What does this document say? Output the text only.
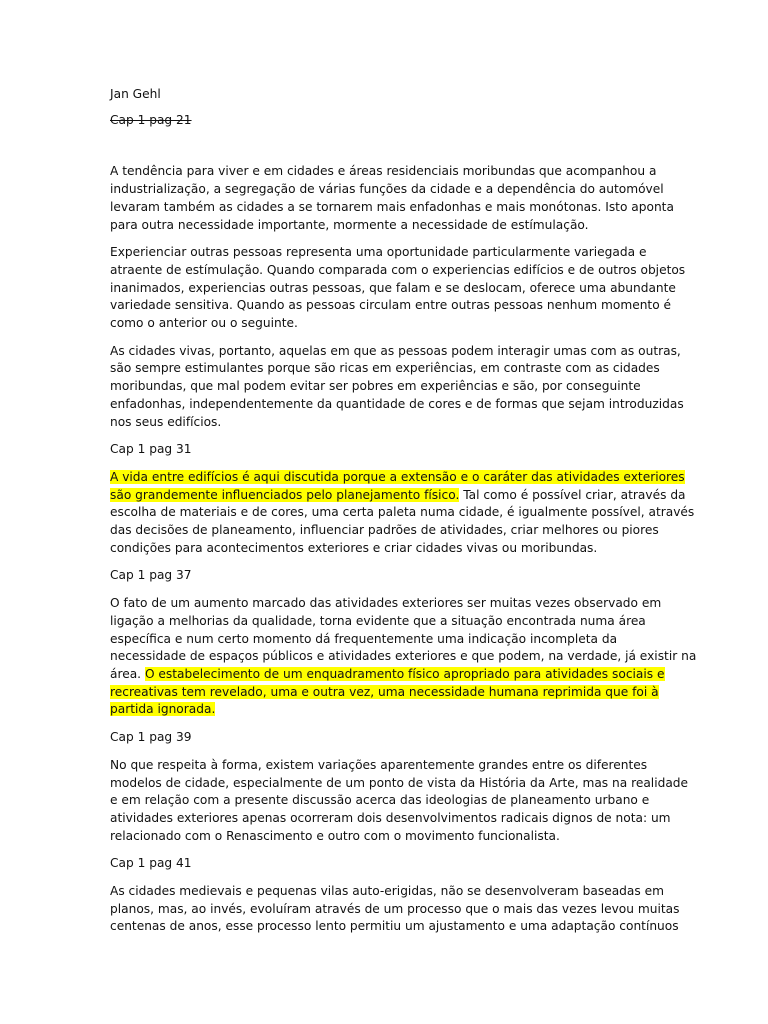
Jan Gehl
Cap 1 pag 21
A tendência para viver e em cidades e áreas residenciais moribundas que acompanhou a
industrialização, a segregação de várias funções da cidade e a dependência do automóvel
levaram também as cidades a se tornarem mais enfadonhas e mais monótonas. Isto aponta
para outra necessidade importante, mormente a necessidade de estímulação.
Experienciar outras pessoas representa uma oportunidade particularmente variegada e
atraente de estímulação. Quando comparada com o experiencias edifícios e de outros objetos
inanimados, experiencias outras pessoas, que falam e se deslocam, oferece uma abundante
variedade sensitiva. Quando as pessoas circulam entre outras pessoas nenhum momento é
como o anterior ou o seguinte.
As cidades vivas, portanto, aquelas em que as pessoas podem interagir umas com as outras,
são sempre estimulantes porque são ricas em experiências, em contraste com as cidades
moribundas, que mal podem evitar ser pobres em experiências e são, por conseguinte
enfadonhas, independentemente da quantidade de cores e de formas que sejam introduzidas
nos seus edifícios.
Cap 1 pag 31
A vida entre edifícios é aqui discutida porque a extensão e o caráter das atividades exteriores
são grandemente influenciados pelo planejamento físico. Tal como é possível criar, através da
escolha de materiais e de cores, uma certa paleta numa cidade, é igualmente possível, através
das decisões de planeamento, influenciar padrões de atividades, criar melhores ou piores
condições para acontecimentos exteriores e criar cidades vivas ou moribundas.
Cap 1 pag 37
O fato de um aumento marcado das atividades exteriores ser muitas vezes observado em
ligação a melhorias da qualidade, torna evidente que a situação encontrada numa área
específica e num certo momento dá frequentemente uma indicação incompleta da
necessidade de espaços públicos e atividades exteriores e que podem, na verdade, já existir na
área. O estabelecimento de um enquadramento físico apropriado para atividades sociais e
recreativas tem revelado, uma e outra vez, uma necessidade humana reprimida que foi à
partida ignorada.
Cap 1 pag 39
No que respeita à forma, existem variações aparentemente grandes entre os diferentes
modelos de cidade, especialmente de um ponto de vista da História da Arte, mas na realidade
e em relação com a presente discussão acerca das ideologias de planeamento urbano e
atividades exteriores apenas ocorreram dois desenvolvimentos radicais dignos de nota: um
relacionado com o Renascimento e outro com o movimento funcionalista.
Cap 1 pag 41
As cidades medievais e pequenas vilas auto-erigidas, não se desenvolveram baseadas em
planos, mas, ao invés, evoluíram através de um processo que o mais das vezes levou muitas
centenas de anos, esse processo lento permitiu um ajustamento e uma adaptação contínuos
